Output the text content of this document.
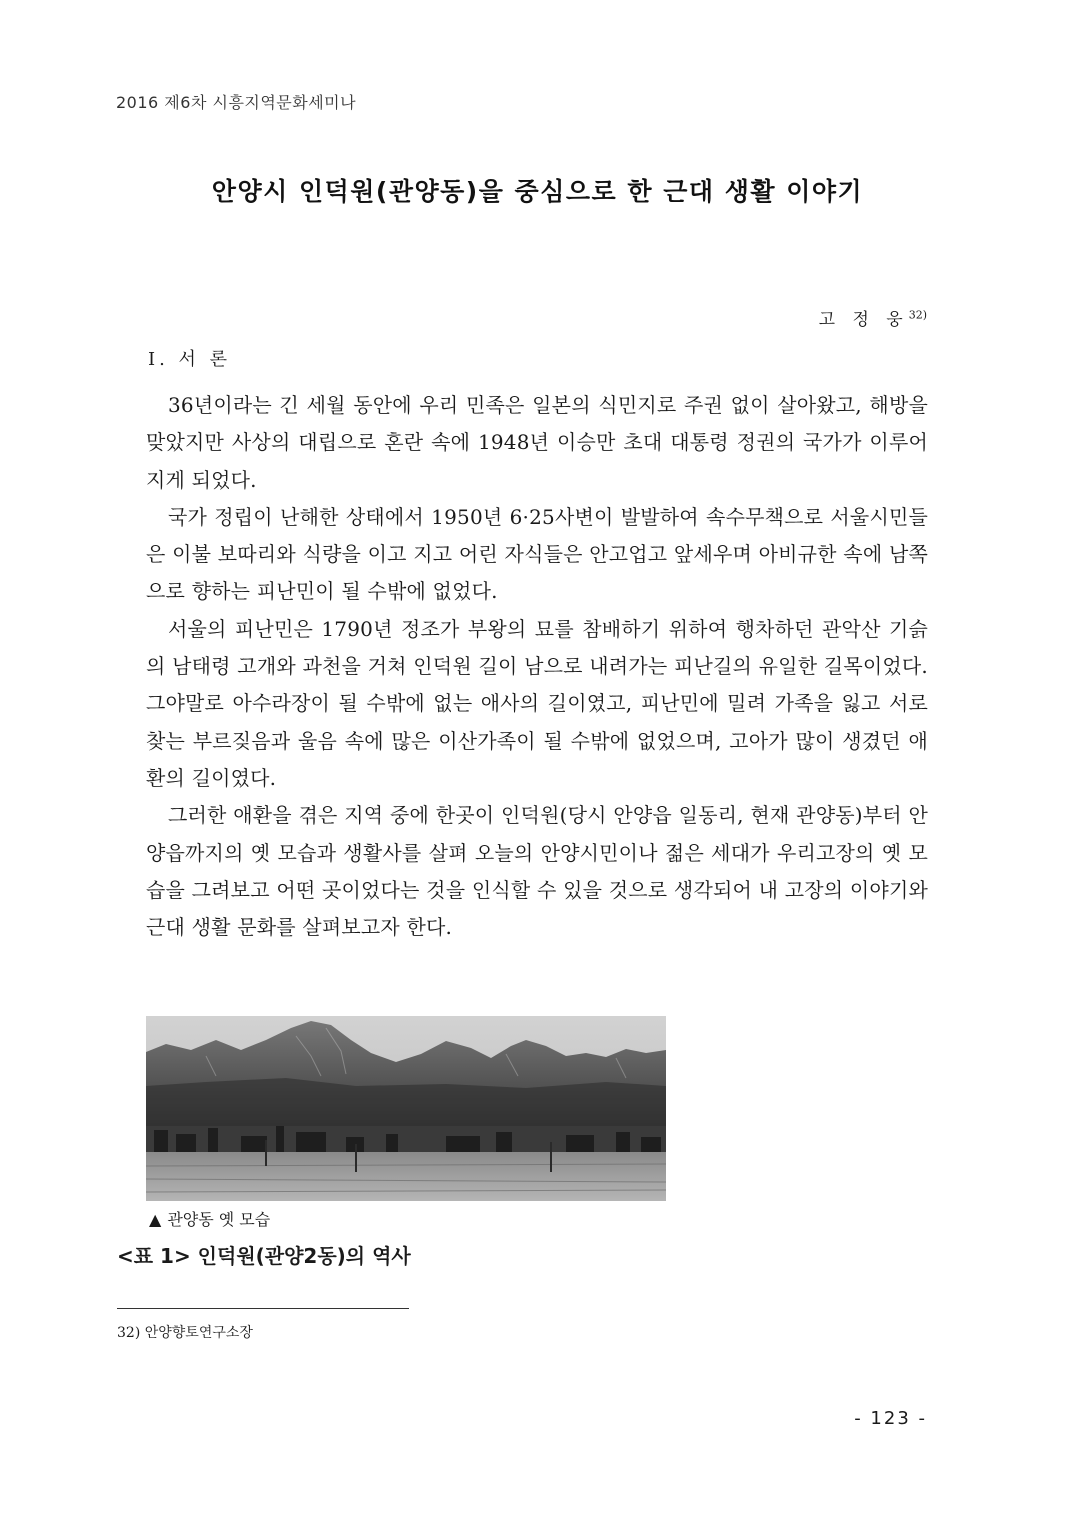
2016 제6차 시흥지역문화세미나
안양시 인덕원(관양동)을 중심으로 한 근대 생활 이야기
고 정 웅$^{32)}$
Ⅰ. 서 론

36년이라는 긴 세월 동안에 우리 민족은 일본의 식민지로 주권 없이 살아왔고, 해방을 맞았지만 사상의 대립으로 혼란 속에 1948년 이승만 초대 대통령 정권의 국가가 이루어지게 되었다.

국가 정립이 난해한 상태에서 1950년 6·25사변이 발발하여 속수무책으로 서울시민들은 이불 보따리와 식량을 이고 지고 어린 자식들은 안고업고 앞세우며 아비규한 속에 남쪽으로 향하는 피난민이 될 수밖에 없었다.

서울의 피난민은 1790년 정조가 부왕의 묘를 참배하기 위하여 행차하던 관악산 기슭의 남태령 고개와 과천을 거쳐 인덕원 길이 남으로 내려가는 피난길의 유일한 길목이었다. 그야말로 아수라장이 될 수밖에 없는 애사의 길이였고, 피난민에 밀려 가족을 잃고 서로 찾는 부르짖음과 울음 속에 많은 이산가족이 될 수밖에 없었으며, 고아가 많이 생겼던 애환의 길이였다.

그러한 애환을 겪은 지역 중에 한곳이 인덕원(당시 안양읍 일동리, 현재 관양동)부터 안양읍까지의 옛 모습과 생활사를 살펴 오늘의 안양시민이나 젊은 세대가 우리고장의 옛 모습을 그려보고 어떤 곳이었다는 것을 인식할 수 있을 것으로 생각되어 내 고장의 이야기와 근대 생활 문화를 살펴보고자 한다.

▲ 관양동 옛 모습
<표 1> 인덕원(관양2동)의 역사
32) 안양향토연구소장
- 123 -
